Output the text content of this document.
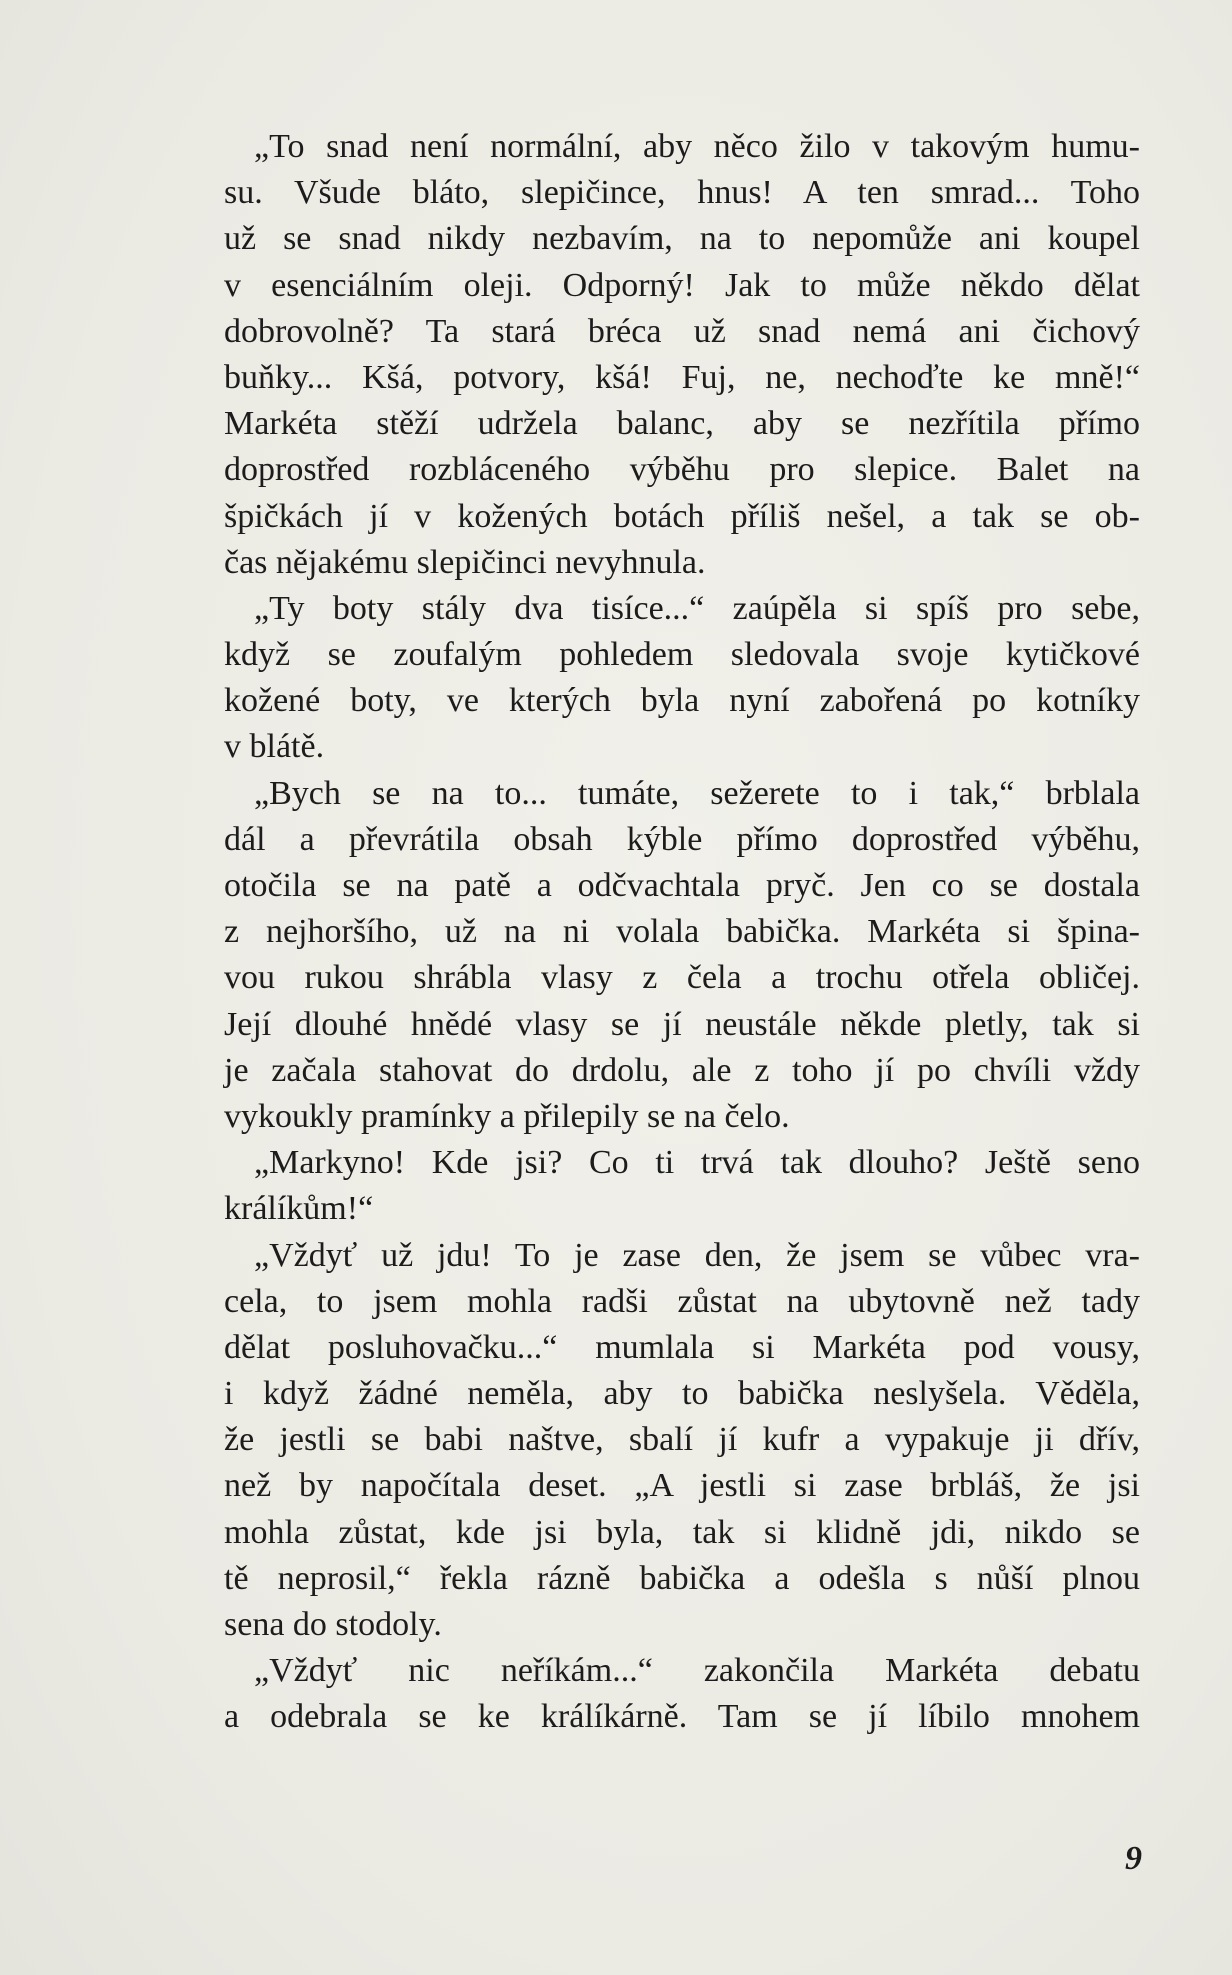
„To snad není normální, aby něco žilo v takovým humu-
su. Všude bláto, slepičince, hnus! A ten smrad... Toho
už se snad nikdy nezbavím, na to nepomůže ani koupel
v esenciálním oleji. Odporný! Jak to může někdo dělat
dobrovolně? Ta stará bréca už snad nemá ani čichový
buňky... Kšá, potvory, kšá! Fuj, ne, nechoďte ke mně!“
Markéta stěží udržela balanc, aby se nezřítila přímo
doprostřed rozbláceného výběhu pro slepice. Balet na
špičkách jí v kožených botách příliš nešel, a tak se ob-
čas nějakému slepičinci nevyhnula.
„Ty boty stály dva tisíce...“ zaúpěla si spíš pro sebe,
když se zoufalým pohledem sledovala svoje kytičkové
kožené boty, ve kterých byla nyní zabořená po kotníky
v blátě.
„Bych se na to... tumáte, sežerete to i tak,“ brblala
dál a převrátila obsah kýble přímo doprostřed výběhu,
otočila se na patě a odčvachtala pryč. Jen co se dostala
z nejhoršího, už na ni volala babička. Markéta si špina-
vou rukou shrábla vlasy z čela a trochu otřela obličej.
Její dlouhé hnědé vlasy se jí neustále někde pletly, tak si
je začala stahovat do drdolu, ale z toho jí po chvíli vždy
vykoukly pramínky a přilepily se na čelo.
„Markyno! Kde jsi? Co ti trvá tak dlouho? Ještě seno
králíkům!“
„Vždyť už jdu! To je zase den, že jsem se vůbec vra-
cela, to jsem mohla radši zůstat na ubytovně než tady
dělat posluhovačku...“ mumlala si Markéta pod vousy,
i když žádné neměla, aby to babička neslyšela. Věděla,
že jestli se babi naštve, sbalí jí kufr a vypakuje ji dřív,
než by napočítala deset. „A jestli si zase brbláš, že jsi
mohla zůstat, kde jsi byla, tak si klidně jdi, nikdo se
tě neprosil,“ řekla rázně babička a odešla s nůší plnou
sena do stodoly.
„Vždyť nic neříkám...“ zakončila Markéta debatu
a odebrala se ke králíkárně. Tam se jí líbilo mnohem
9
